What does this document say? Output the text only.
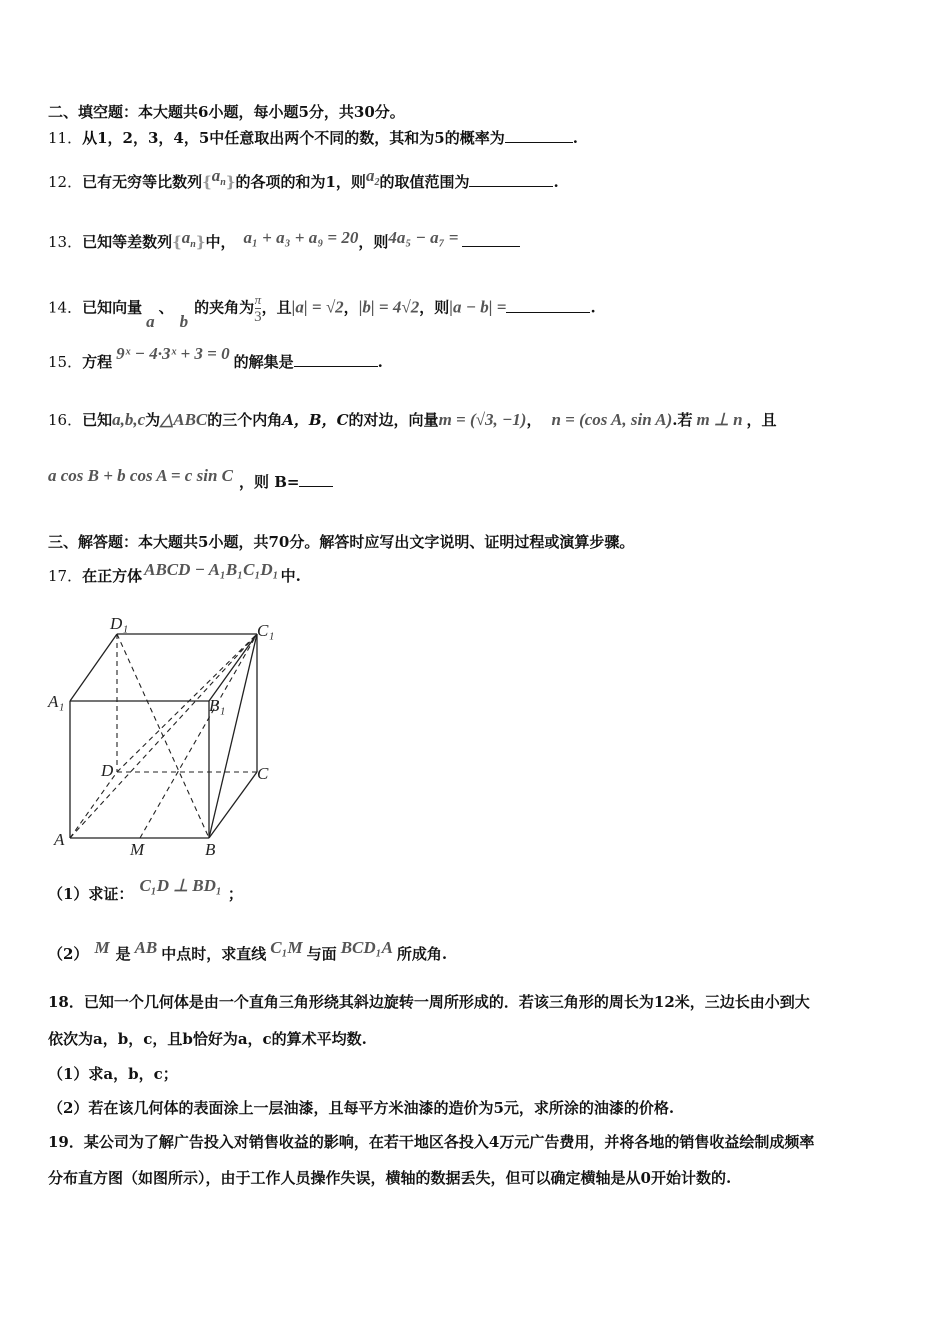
二、填空题：本大题共6小题，每小题5分，共30分。
11．从1，2，3，4，5中任意取出两个不同的数，其和为5的概率为	.
12．已有无穷等比数列$\{a_n\}$的各项的和为1，则$a_2$的取值范围为	.
13．已知等差数列$\{a_n\}$中， a₁ + a₃ + a₉ = 20，则4a₅ − a₇ =
14．已知向量a、b的夹角为 $\frac{\pi}{3}$ ，且|a| = √2，|b| = 4√2，则|a − b| =	.
15．方程 9ˣ − 4·3ˣ + 3 = 0 的解集是	.
16．已知a,b,c为△ABC的三个内角A，B，C的对边，向量m = (√3, −1)， n = (cos A, sin A).若 m ⊥ n ，且
a cos B + b cos A = c sin C ，则 B=
三、解答题：本大题共5小题，共70分。解答时应写出文字说明、证明过程或演算步骤。
17．在正方体 ABCD − A₁B₁C₁D₁ 中.
D₁	C₁
A₁	B₁
D	C
A
M	B
（1）求证： C₁D ⊥ BD₁ ；
（2） M 是 AB 中点时，求直线 C₁M 与面 BCD₁A 所成角.
18．已知一个几何体是由一个直角三角形绕其斜边旋转一周所形成的．若该三角形的周长为12米，三边长由小到大
依次为a，b，c，且b恰好为a，c的算术平均数.
（1）求a，b，c；
（2）若在该几何体的表面涂上一层油漆，且每平方米油漆的造价为5元，求所涂的油漆的价格.
19．某公司为了解广告投入对销售收益的影响，在若干地区各投入4万元广告费用，并将各地的销售收益绘制成频率
分布直方图（如图所示），由于工作人员操作失误，横轴的数据丢失，但可以确定横轴是从0开始计数的.
